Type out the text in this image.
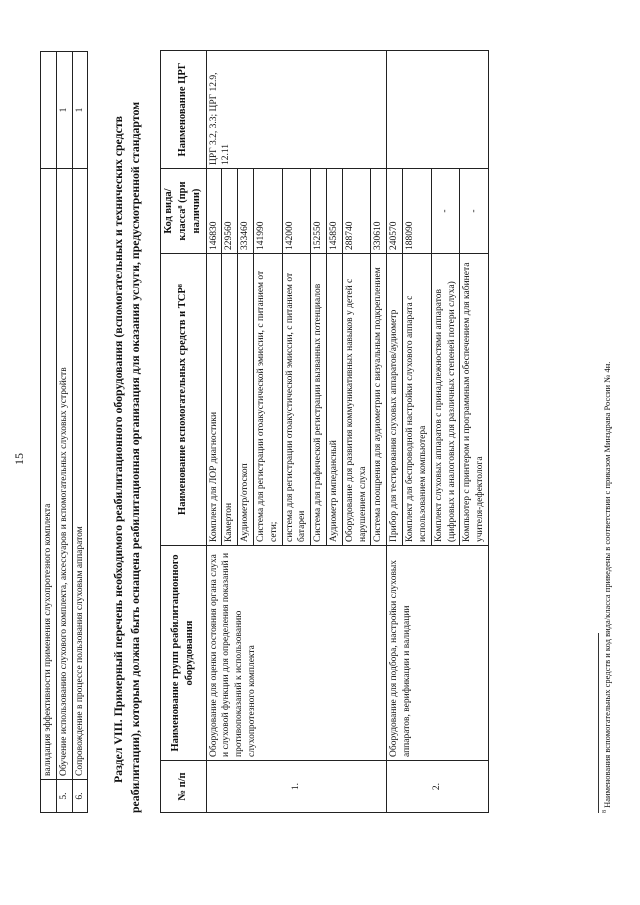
15
	валидация эффективности применения слухопротезного комплекта	
5.	Обучение использованию слухового комплекта, аксессуаров и вспомогательных слуховых устройств	1
6.	Сопровождение в процессе пользования слуховым аппаратом	1
Раздел VIII. Примерный перечень необходимого реабилитационного оборудования (вспомогательных и технических средств реабилитации), которым должна быть оснащена реабилитационная организация для оказания услуги, предусмотренной стандартом	№ п/п	Наименование групп реабилитационного оборудования	Наименование вспомогательных средств и ТСР⁸	Код вида/класса⁸ (при наличии)	Наименование ЦРГ
1.	Оборудование для оценки состояния органа слуха и слуховой функции для определения показаний и противопоказаний к использованию слухопротезного комплекта	Комплект для ЛОР диагностики	146830	ЦРГ 3.2, 3.3; ЦРГ 12.9, 12.11
		Камертон	229560	
		Аудиометр/отоскоп	333460	
		Система для регистрации отоакустической эмиссии, с питанием от сети;	141990	
		система для регистрации отоакустической эмиссии, с питанием от батареи	142000	
		Система для графической регистрации вызванных потенциалов	152550	
		Аудиометр импедансный	145850	
		Оборудование для развития коммуникативных навыков у детей с нарушением слуха	288740	
		Система поощрения для аудиометрии с визуальным подкреплением	330610	
2.	Оборудование для подбора, настройки слуховых аппаратов, верификации и валидации	Прибор для тестирования слуховых аппаратов/аудиометр	240570	
		Комплект для беспроводной настройки слухового аппарата с использованием компьютера	188090	
		Комплект слуховых аппаратов с принадлежностями аппаратов (цифровых и аналоговых для различных степеней потери слуха)	-	
		Компьютер с принтером и программным обеспечением для кабинета учителя-дефектолога	-	
$^8$ Наименования вспомогательных средств и код вида/класса приведены в соответствии с приказом Минздрава России № 4н.
